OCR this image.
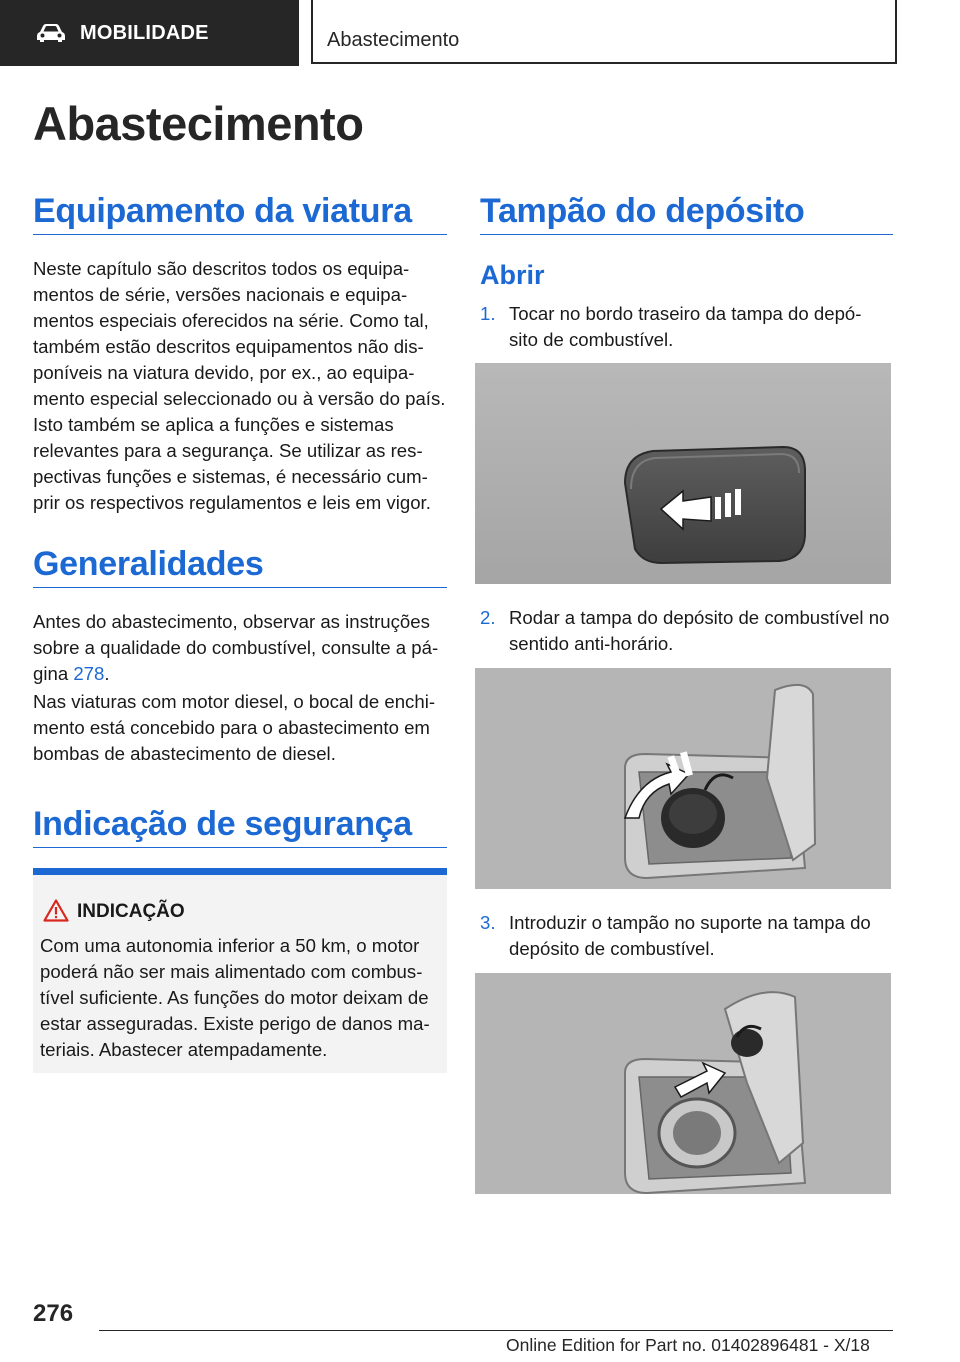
MOBILIDADE	Abastecimento
Abastecimento
Equipamento da viatura

Neste capítulo são descritos todos os equipa- mentos de série, versões nacionais e equipa- mentos especiais oferecidos na série. Como tal, também estão descritos equipamentos não dis- poníveis na viatura devido, por ex., ao equipa- mento especial seleccionado ou à versão do país. Isto também se aplica a funções e sistemas relevantes para a segurança. Se utilizar as res- pectivas funções e sistemas, é necessário cum- prir os respectivos regulamentos e leis em vigor.

Generalidades

Antes do abastecimento, observar as instruções sobre a qualidade do combustível, consulte a pá- gina 278.

Nas viaturas com motor diesel, o bocal de enchi- mento está concebido para o abastecimento em bombas de abastecimento de diesel.

Indicação de segurança
INDICAÇÃO

Com uma autonomia inferior a 50 km, o motor poderá não ser mais alimentado com combus- tível suficiente. As funções do motor deixam de estar asseguradas. Existe perigo de danos ma- teriais. Abastecer atempadamente.

Tampão do depósito
Abrir
1. Tocar no bordo traseiro da tampa do depó- sito de combustível.
2. Rodar a tampa do depósito de combustível no sentido anti-horário.
3. Introduzir o tampão no suporte na tampa do depósito de combustível.
276
Online Edition for Part no. 01402896481 - X/18
